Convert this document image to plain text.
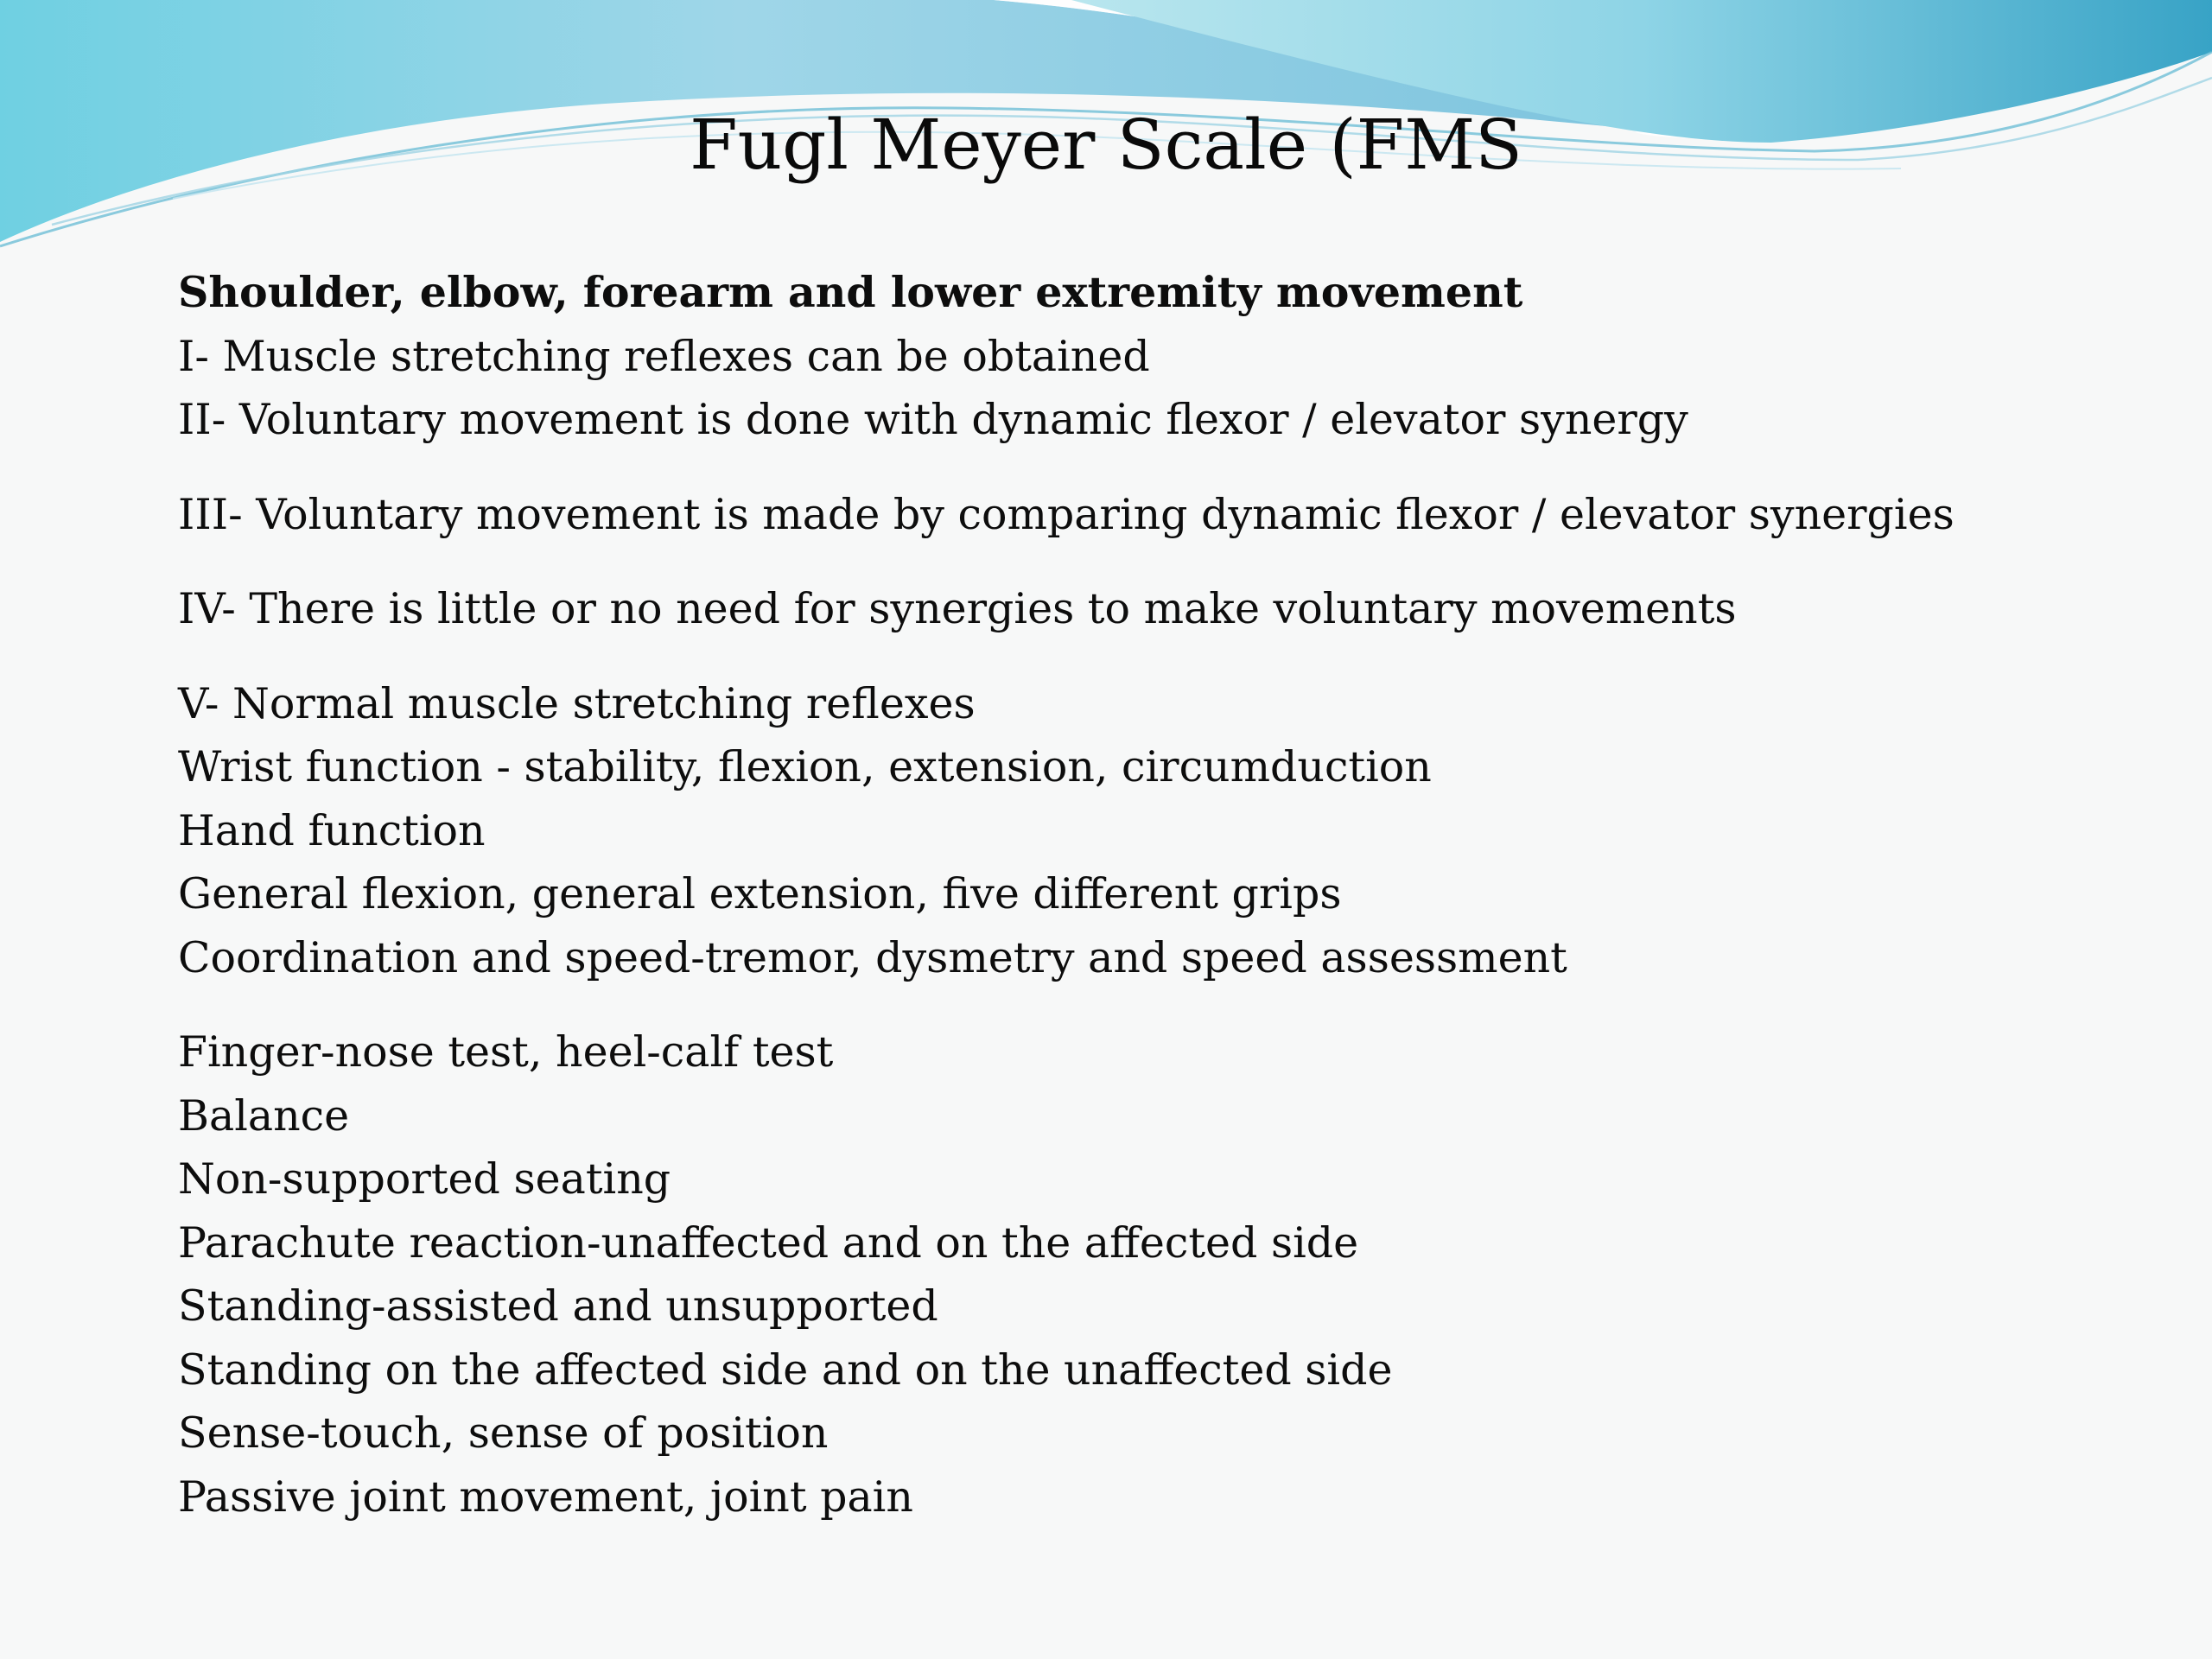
Fugl Meyer Scale (FMS
Shoulder, elbow, forearm and lower extremity movement
I- Muscle stretching reflexes can be obtained
II- Voluntary movement is done with dynamic flexor / elevator synergy
III- Voluntary movement is made by comparing dynamic flexor / elevator synergies
IV- There is little or no need for synergies to make voluntary movements
V- Normal muscle stretching reflexes
Wrist function - stability, flexion, extension, circumduction
Hand function
General flexion, general extension, five different grips
Coordination and speed-tremor, dysmetry and speed assessment
Finger-nose test, heel-calf test
Balance
Non-supported seating
Parachute reaction-unaffected and on the affected side
Standing-assisted and unsupported
Standing on the affected side and on the unaffected side
Sense-touch, sense of position
Passive joint movement, joint pain
